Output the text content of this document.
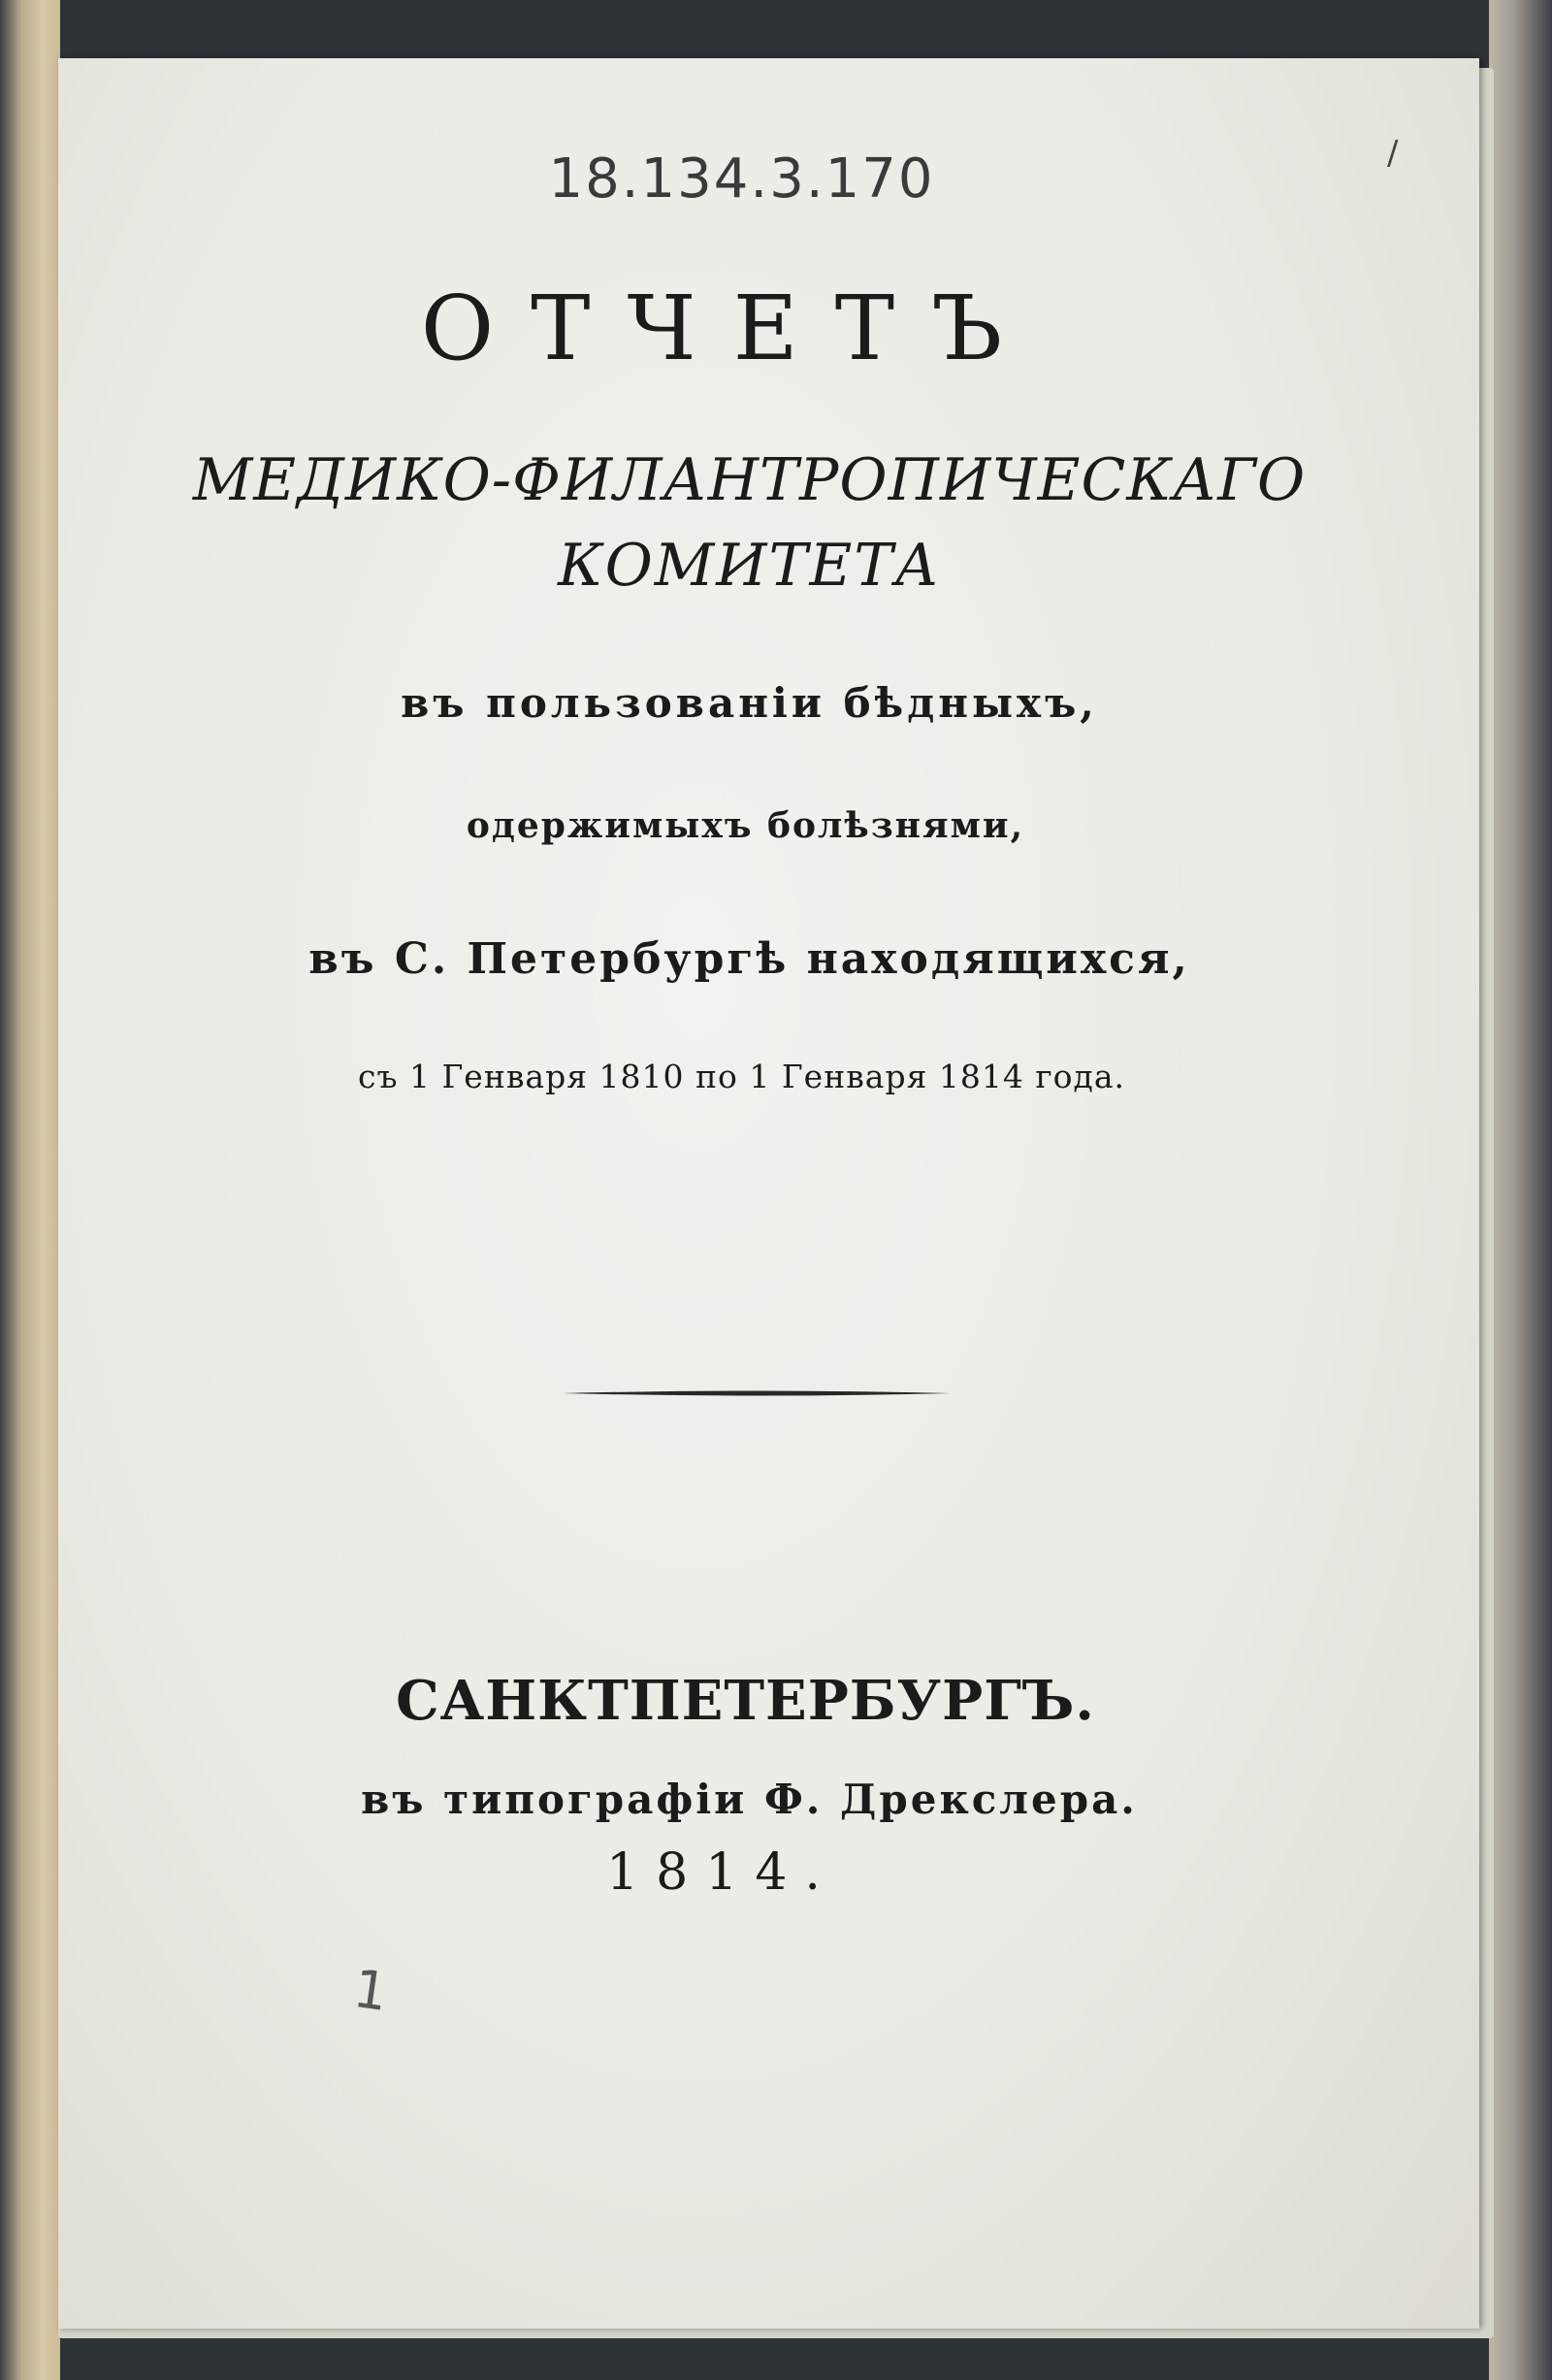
18.134.3.170	/
ОТЧЕТЪ
МЕДИКО-ФИЛАНТРОПИЧЕСКАГО
КОМИТЕТА
въ пользованіи бѣдныхъ,
одержимыхъ болѣзнями,
въ С. Петербургѣ находящихся,
съ 1 Генваря 1810 по 1 Генваря 1814 года.
САНКТПЕТЕРБУРГЪ.
въ типографіи Ф. Дрекслера.
1814.
1
